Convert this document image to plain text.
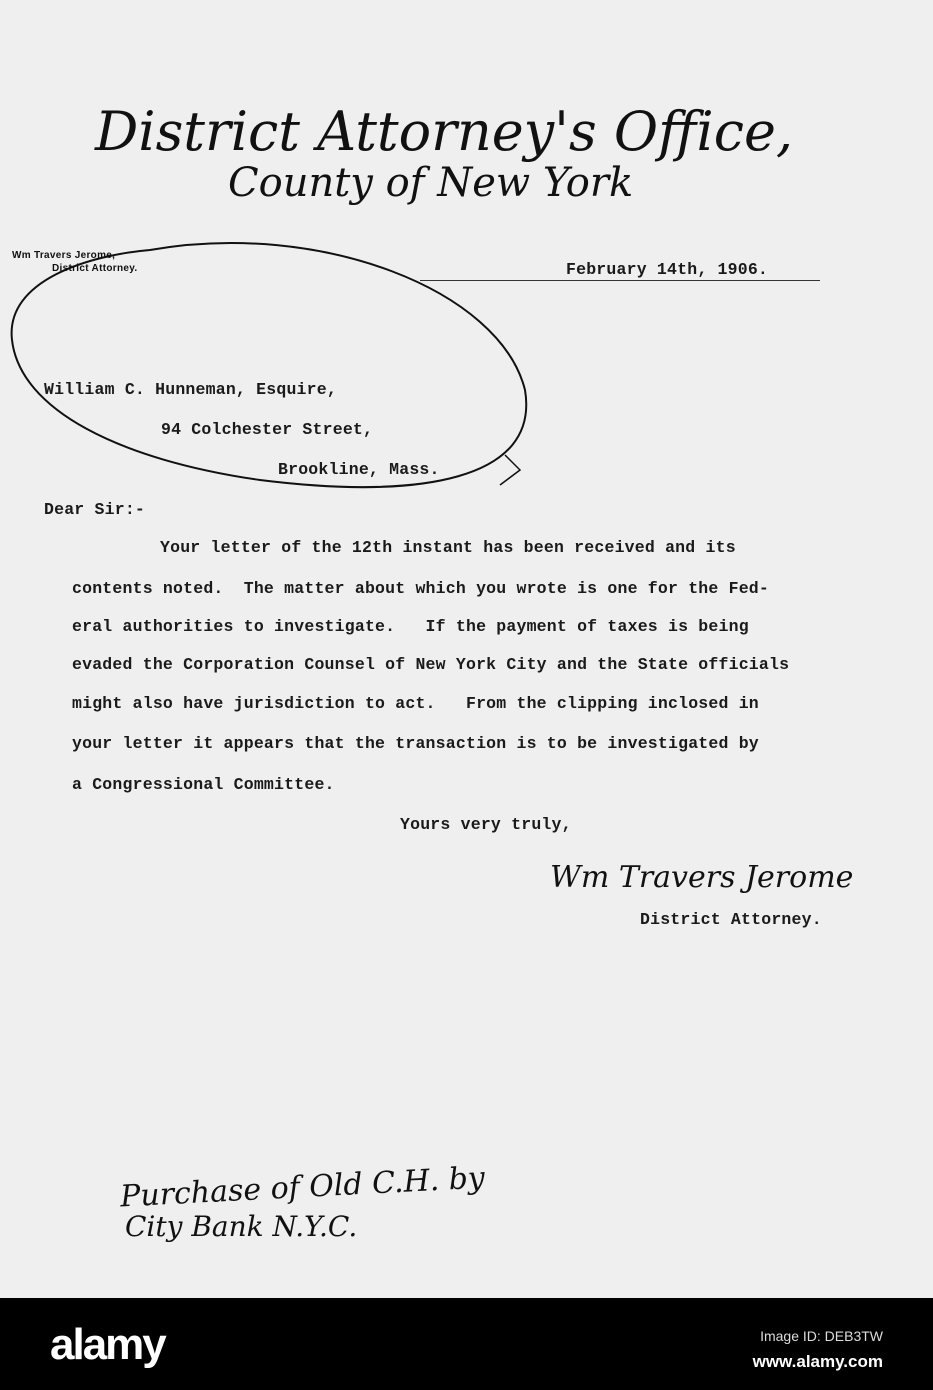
District Attorney's Office,
County of New York
Wm Travers Jerome,
District Attorney.	February 14th, 1906.
William C. Hunneman, Esquire,
94 Colchester Street,
Brookline, Mass.
Dear Sir:-
Your letter of the 12th instant has been received and its
contents noted.  The matter about which you wrote is one for the Fed-
eral authorities to investigate.   If the payment of taxes is being
evaded the Corporation Counsel of New York City and the State officials
might also have jurisdiction to act.   From the clipping inclosed in
your letter it appears that the transaction is to be investigated by
a Congressional Committee.
Yours very truly,
Wm Travers Jerome
District Attorney.
Purchase of Old C.H. by
City Bank N.Y.C.
alamy	Image ID: DEB3TW
www.alamy.com
